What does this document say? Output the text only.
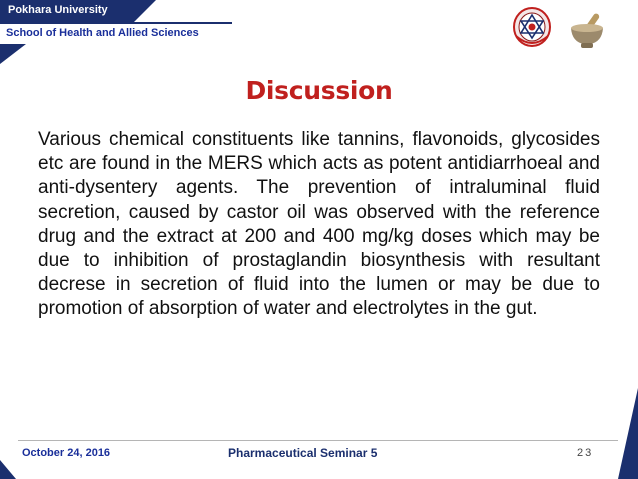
Pokhara University
School of Health and Allied Sciences
Discussion

Various chemical constituents like tannins, flavonoids, glycosides etc are found in the MERS which acts as potent antidiarrhoeal and anti-dysentery agents. The prevention of intraluminal fluid secretion, caused by castor oil was observed with the reference drug and the extract at 200 and 400 mg/kg doses which may be due to inhibition of prostaglandin biosynthesis with resultant decrese in secretion of fluid into the lumen or may be due to promotion of absorption of water and electrolytes in the gut.

October 24, 2016	Pharmaceutical Seminar 5	23
